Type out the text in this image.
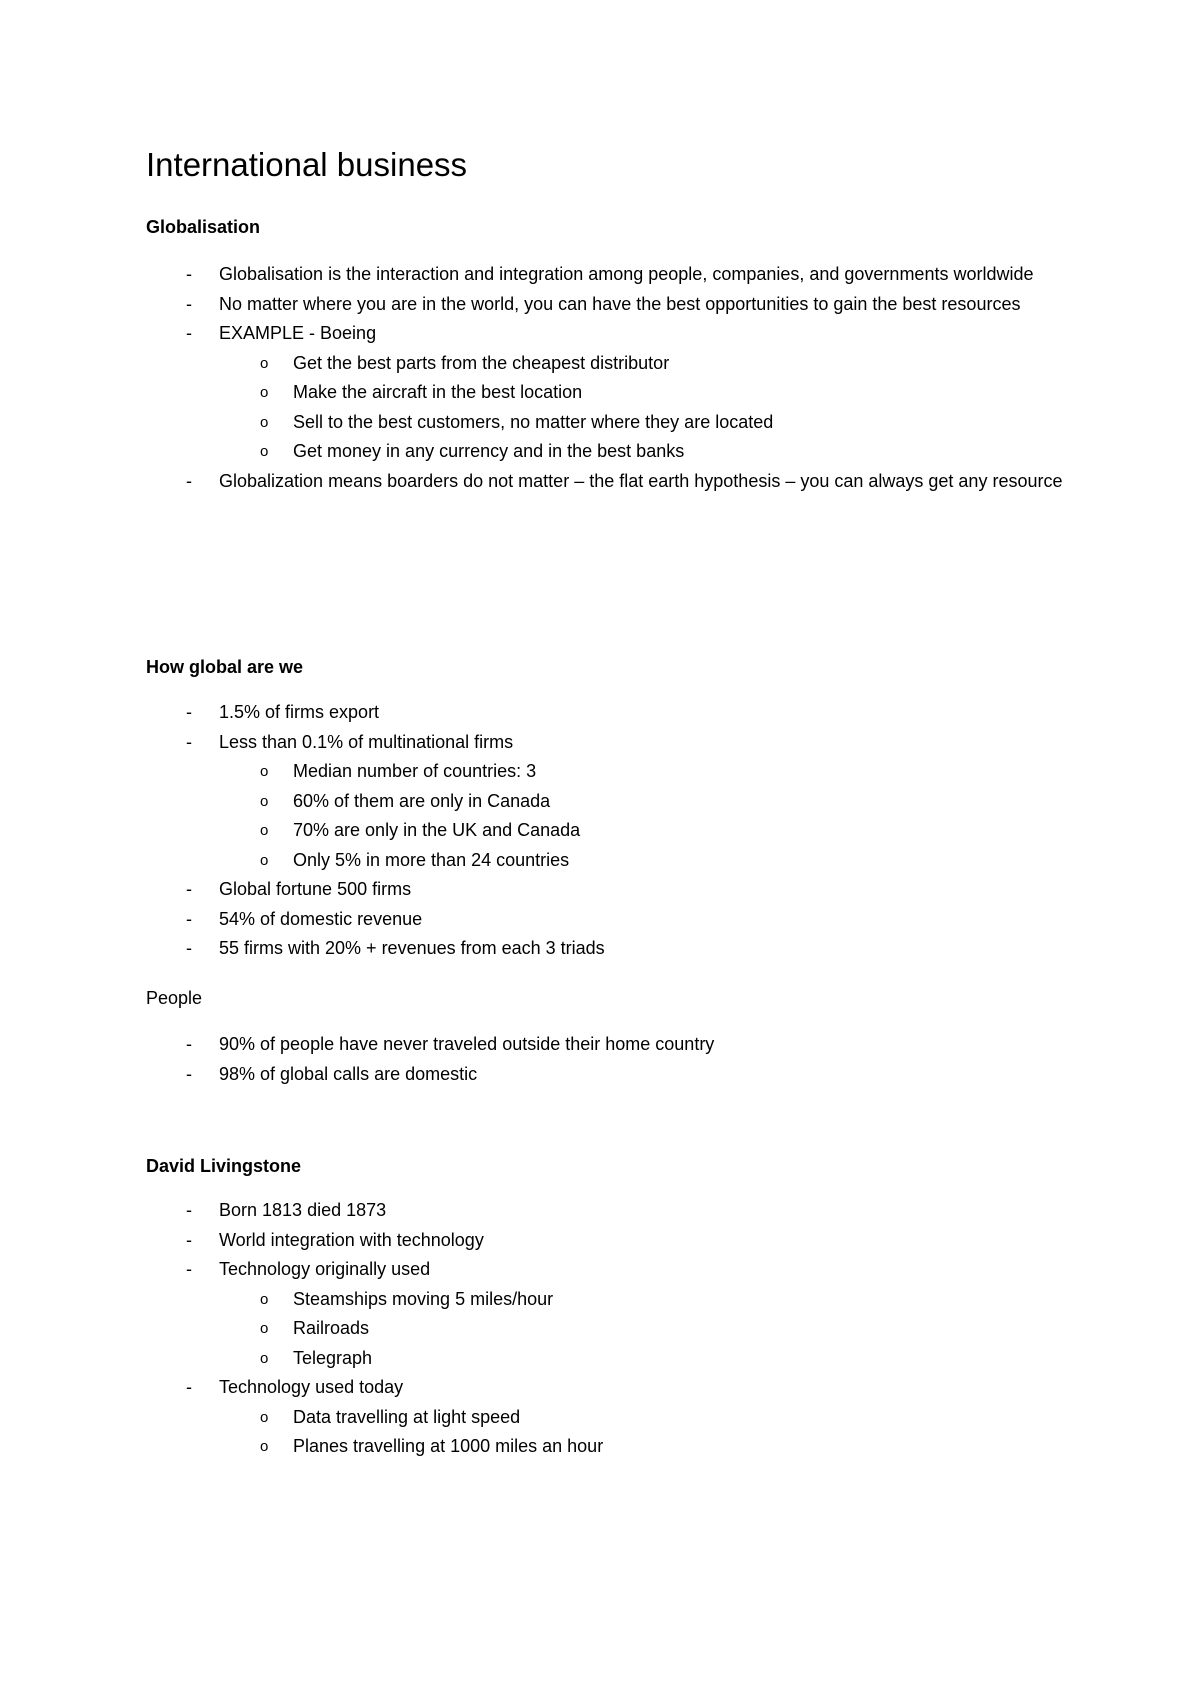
International business
Globalisation
- Globalisation is the interaction and integration among people, companies, and governments worldwide
- No matter where you are in the world, you can have the best opportunities to gain the best resources
- EXAMPLE - Boeing
o Get the best parts from the cheapest distributor
o Make the aircraft in the best location
o Sell to the best customers, no matter where they are located
o Get money in any currency and in the best banks
- Globalization means boarders do not matter – the flat earth hypothesis – you can always get any resource
How global are we
- 1.5% of firms export
- Less than 0.1% of multinational firms
o Median number of countries: 3
o 60% of them are only in Canada
o 70% are only in the UK and Canada
o Only 5% in more than 24 countries
- Global fortune 500 firms
- 54% of domestic revenue
- 55 firms with 20% + revenues from each 3 triads
People
- 90% of people have never traveled outside their home country
- 98% of global calls are domestic
David Livingstone
- Born 1813 died 1873
- World integration with technology
- Technology originally used
o Steamships moving 5 miles/hour
o Railroads
o Telegraph
- Technology used today
o Data travelling at light speed
o Planes travelling at 1000 miles an hour
